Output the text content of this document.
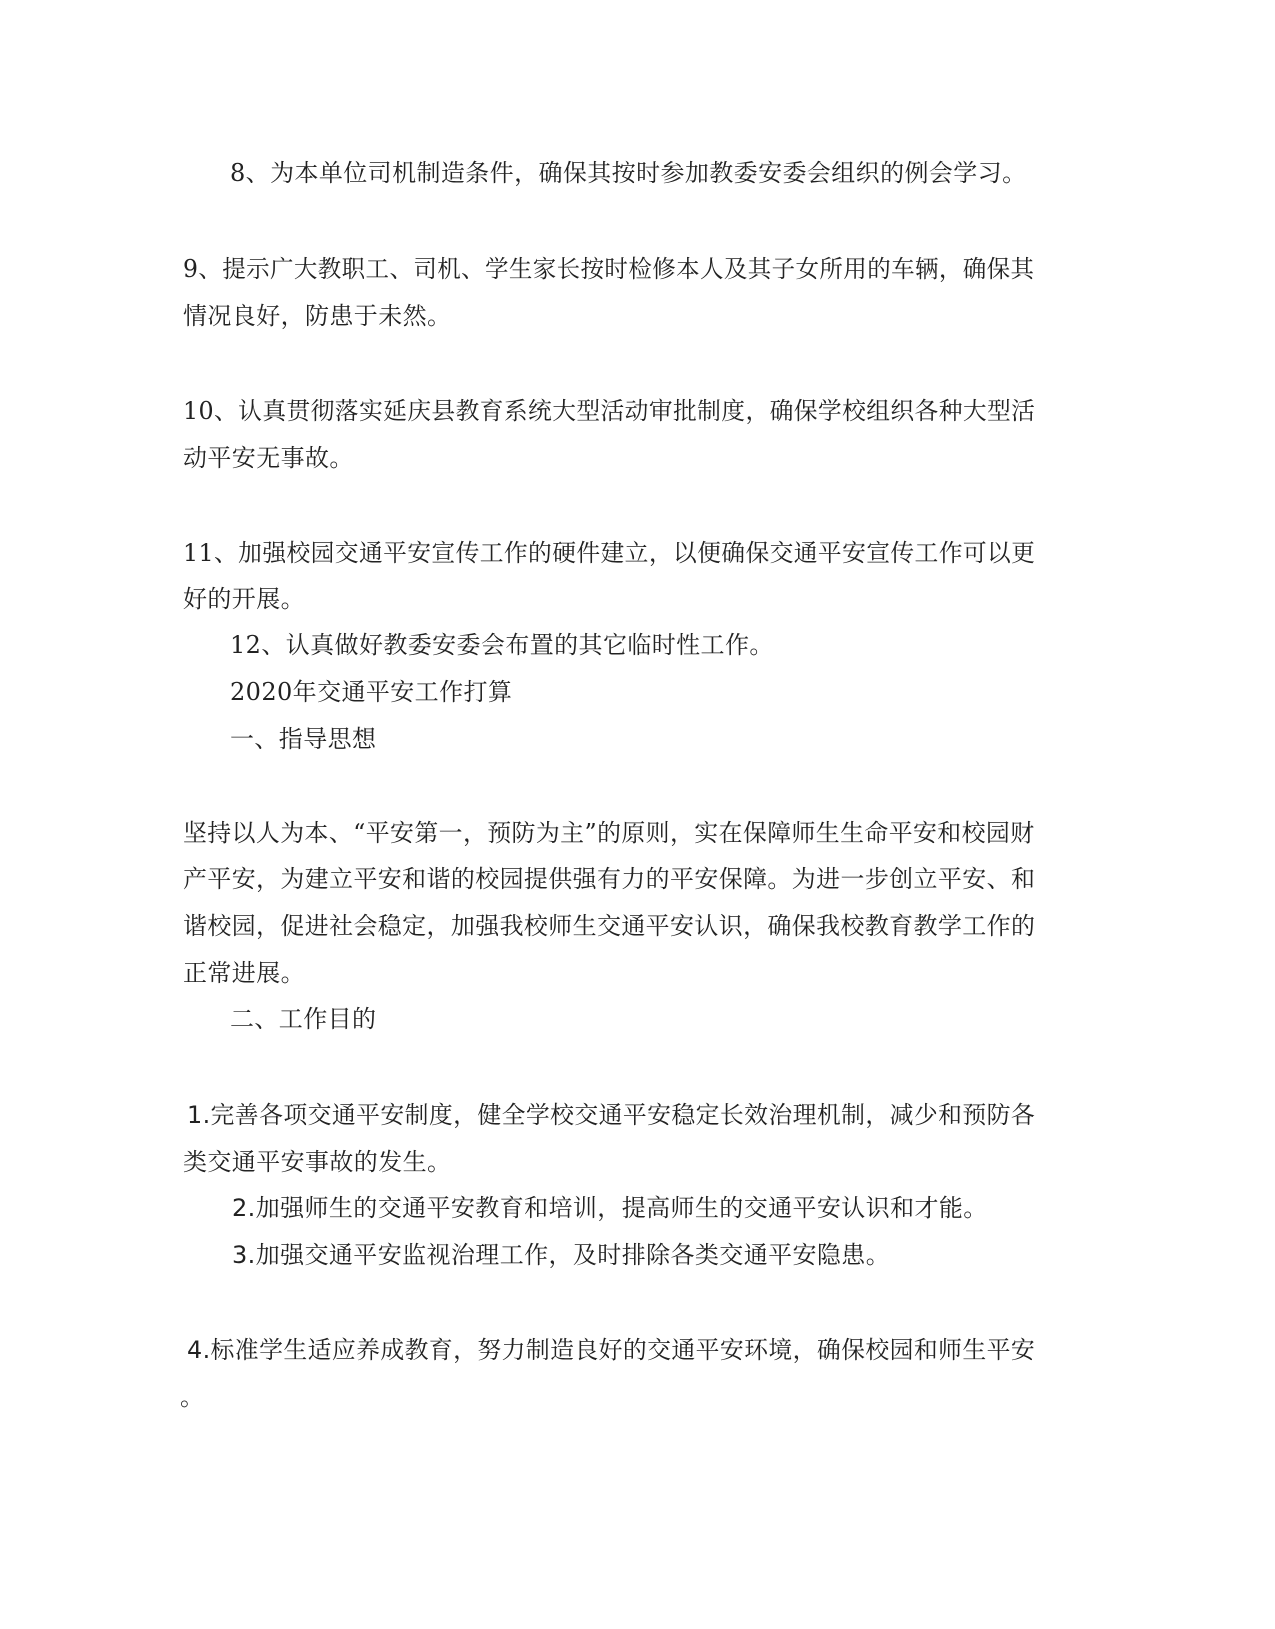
8、为本单位司机制造条件，确保其按时参加教委安委会组织的例会学习。
9、提示广大教职工、司机、学生家长按时检修本人及其子女所用的车辆，确保其
情况良好，防患于未然。
10、认真贯彻落实延庆县教育系统大型活动审批制度，确保学校组织各种大型活
动平安无事故。
11、加强校园交通平安宣传工作的硬件建立，以便确保交通平安宣传工作可以更
好的开展。
12、认真做好教委安委会布置的其它临时性工作。
2020年交通平安工作打算
一、指导思想
坚持以人为本、“平安第一，预防为主”的原则，实在保障师生生命平安和校园财
产平安，为建立平安和谐的校园提供强有力的平安保障。为进一步创立平安、和
谐校园，促进社会稳定，加强我校师生交通平安认识，确保我校教育教学工作的
正常进展。
二、工作目的
1.完善各项交通平安制度，健全学校交通平安稳定长效治理机制，减少和预防各
类交通平安事故的发生。
2.加强师生的交通平安教育和培训，提高师生的交通平安认识和才能。
3.加强交通平安监视治理工作，及时排除各类交通平安隐患。
4.标准学生适应养成教育，努力制造良好的交通平安环境，确保校园和师生平安
。
